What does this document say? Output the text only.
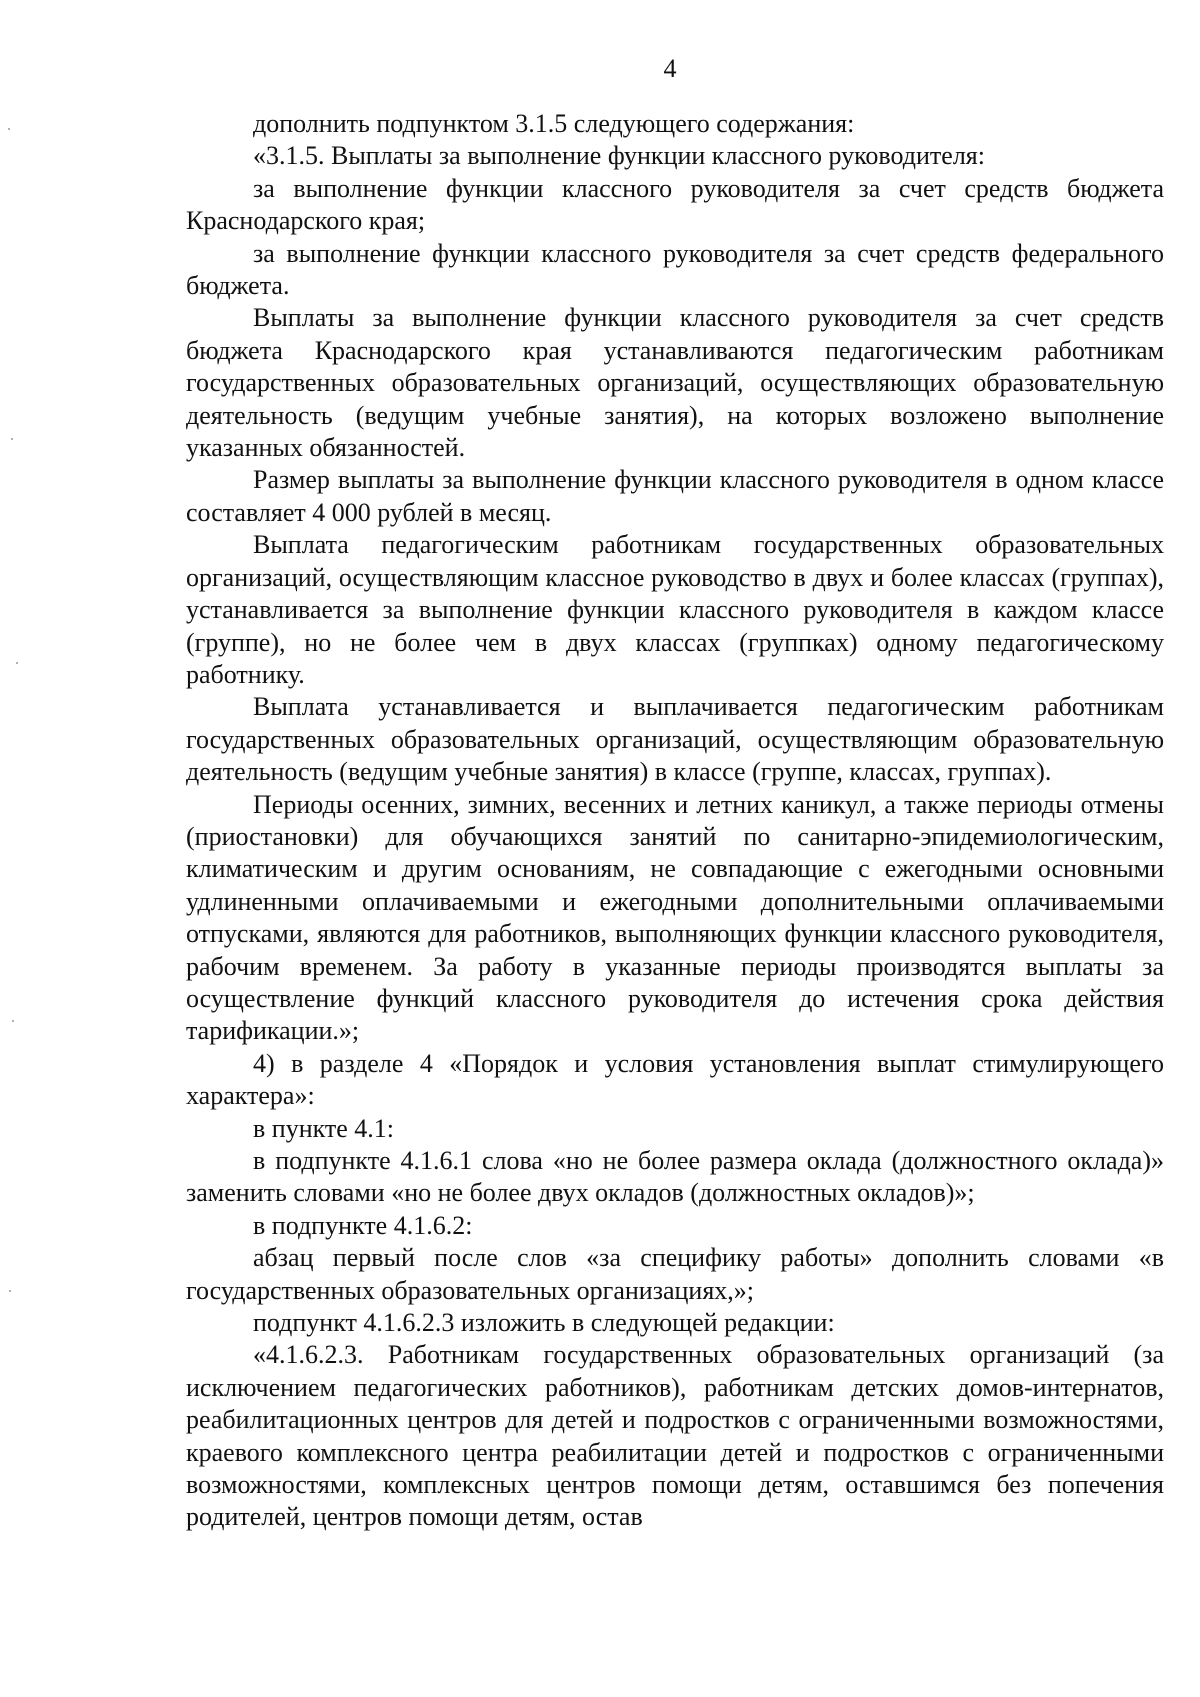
4

дополнить подпунктом 3.1.5 следующего содержания:

«3.1.5. Выплаты за выполнение функции классного руководителя:

за выполнение функции классного руководителя за счет средств бюджета Краснодарского края;

за выполнение функции классного руководителя за счет средств федерального бюджета.

Выплаты за выполнение функции классного руководителя за счет средств бюджета Краснодарского края устанавливаются педагогическим работникам государственных образовательных организаций, осуществляющих образовательную деятельность (ведущим учебные занятия), на которых возложено выполнение указанных обязанностей.

Размер выплаты за выполнение функции классного руководителя в одном классе составляет 4 000 рублей в месяц.

Выплата педагогическим работникам государственных образовательных организаций, осуществляющим классное руководство в двух и более классах (группах), устанавливается за выполнение функции классного руководителя в каждом классе (группе), но не более чем в двух классах (группках) одному педагогическому работнику.

Выплата устанавливается и выплачивается педагогическим работникам государственных образовательных организаций, осуществляющим образовательную деятельность (ведущим учебные занятия) в классе (группе, классах, группах).

Периоды осенних, зимних, весенних и летних каникул, а также периоды отмены (приостановки) для обучающихся занятий по санитарно-эпидемиологическим, климатическим и другим основаниям, не совпадающие с ежегодными основными удлиненными оплачиваемыми и ежегодными дополнительными оплачиваемыми отпусками, являются для работников, выполняющих функции классного руководителя, рабочим временем. За работу в указанные периоды производятся выплаты за осуществление функций классного руководителя до истечения срока действия тарификации.»;

4) в разделе 4 «Порядок и условия установления выплат стимулирующего характера»:

в пункте 4.1:

в подпункте 4.1.6.1 слова «но не более размера оклада (должностного оклада)» заменить словами «но не более двух окладов (должностных окладов)»;

в подпункте 4.1.6.2:

абзац первый после слов «за специфику работы» дополнить словами «в государственных образовательных организациях,»;

подпункт 4.1.6.2.3 изложить в следующей редакции:

«4.1.6.2.3. Работникам государственных образовательных организаций (за исключением педагогических работников), работникам детских домов-интернатов, реабилитационных центров для детей и подростков с ограниченными возможностями, краевого комплексного центра реабилитации детей и подростков с ограниченными возможностями, комплексных центров помощи детям, оставшимся без попечения родителей, центров помощи детям, остав
